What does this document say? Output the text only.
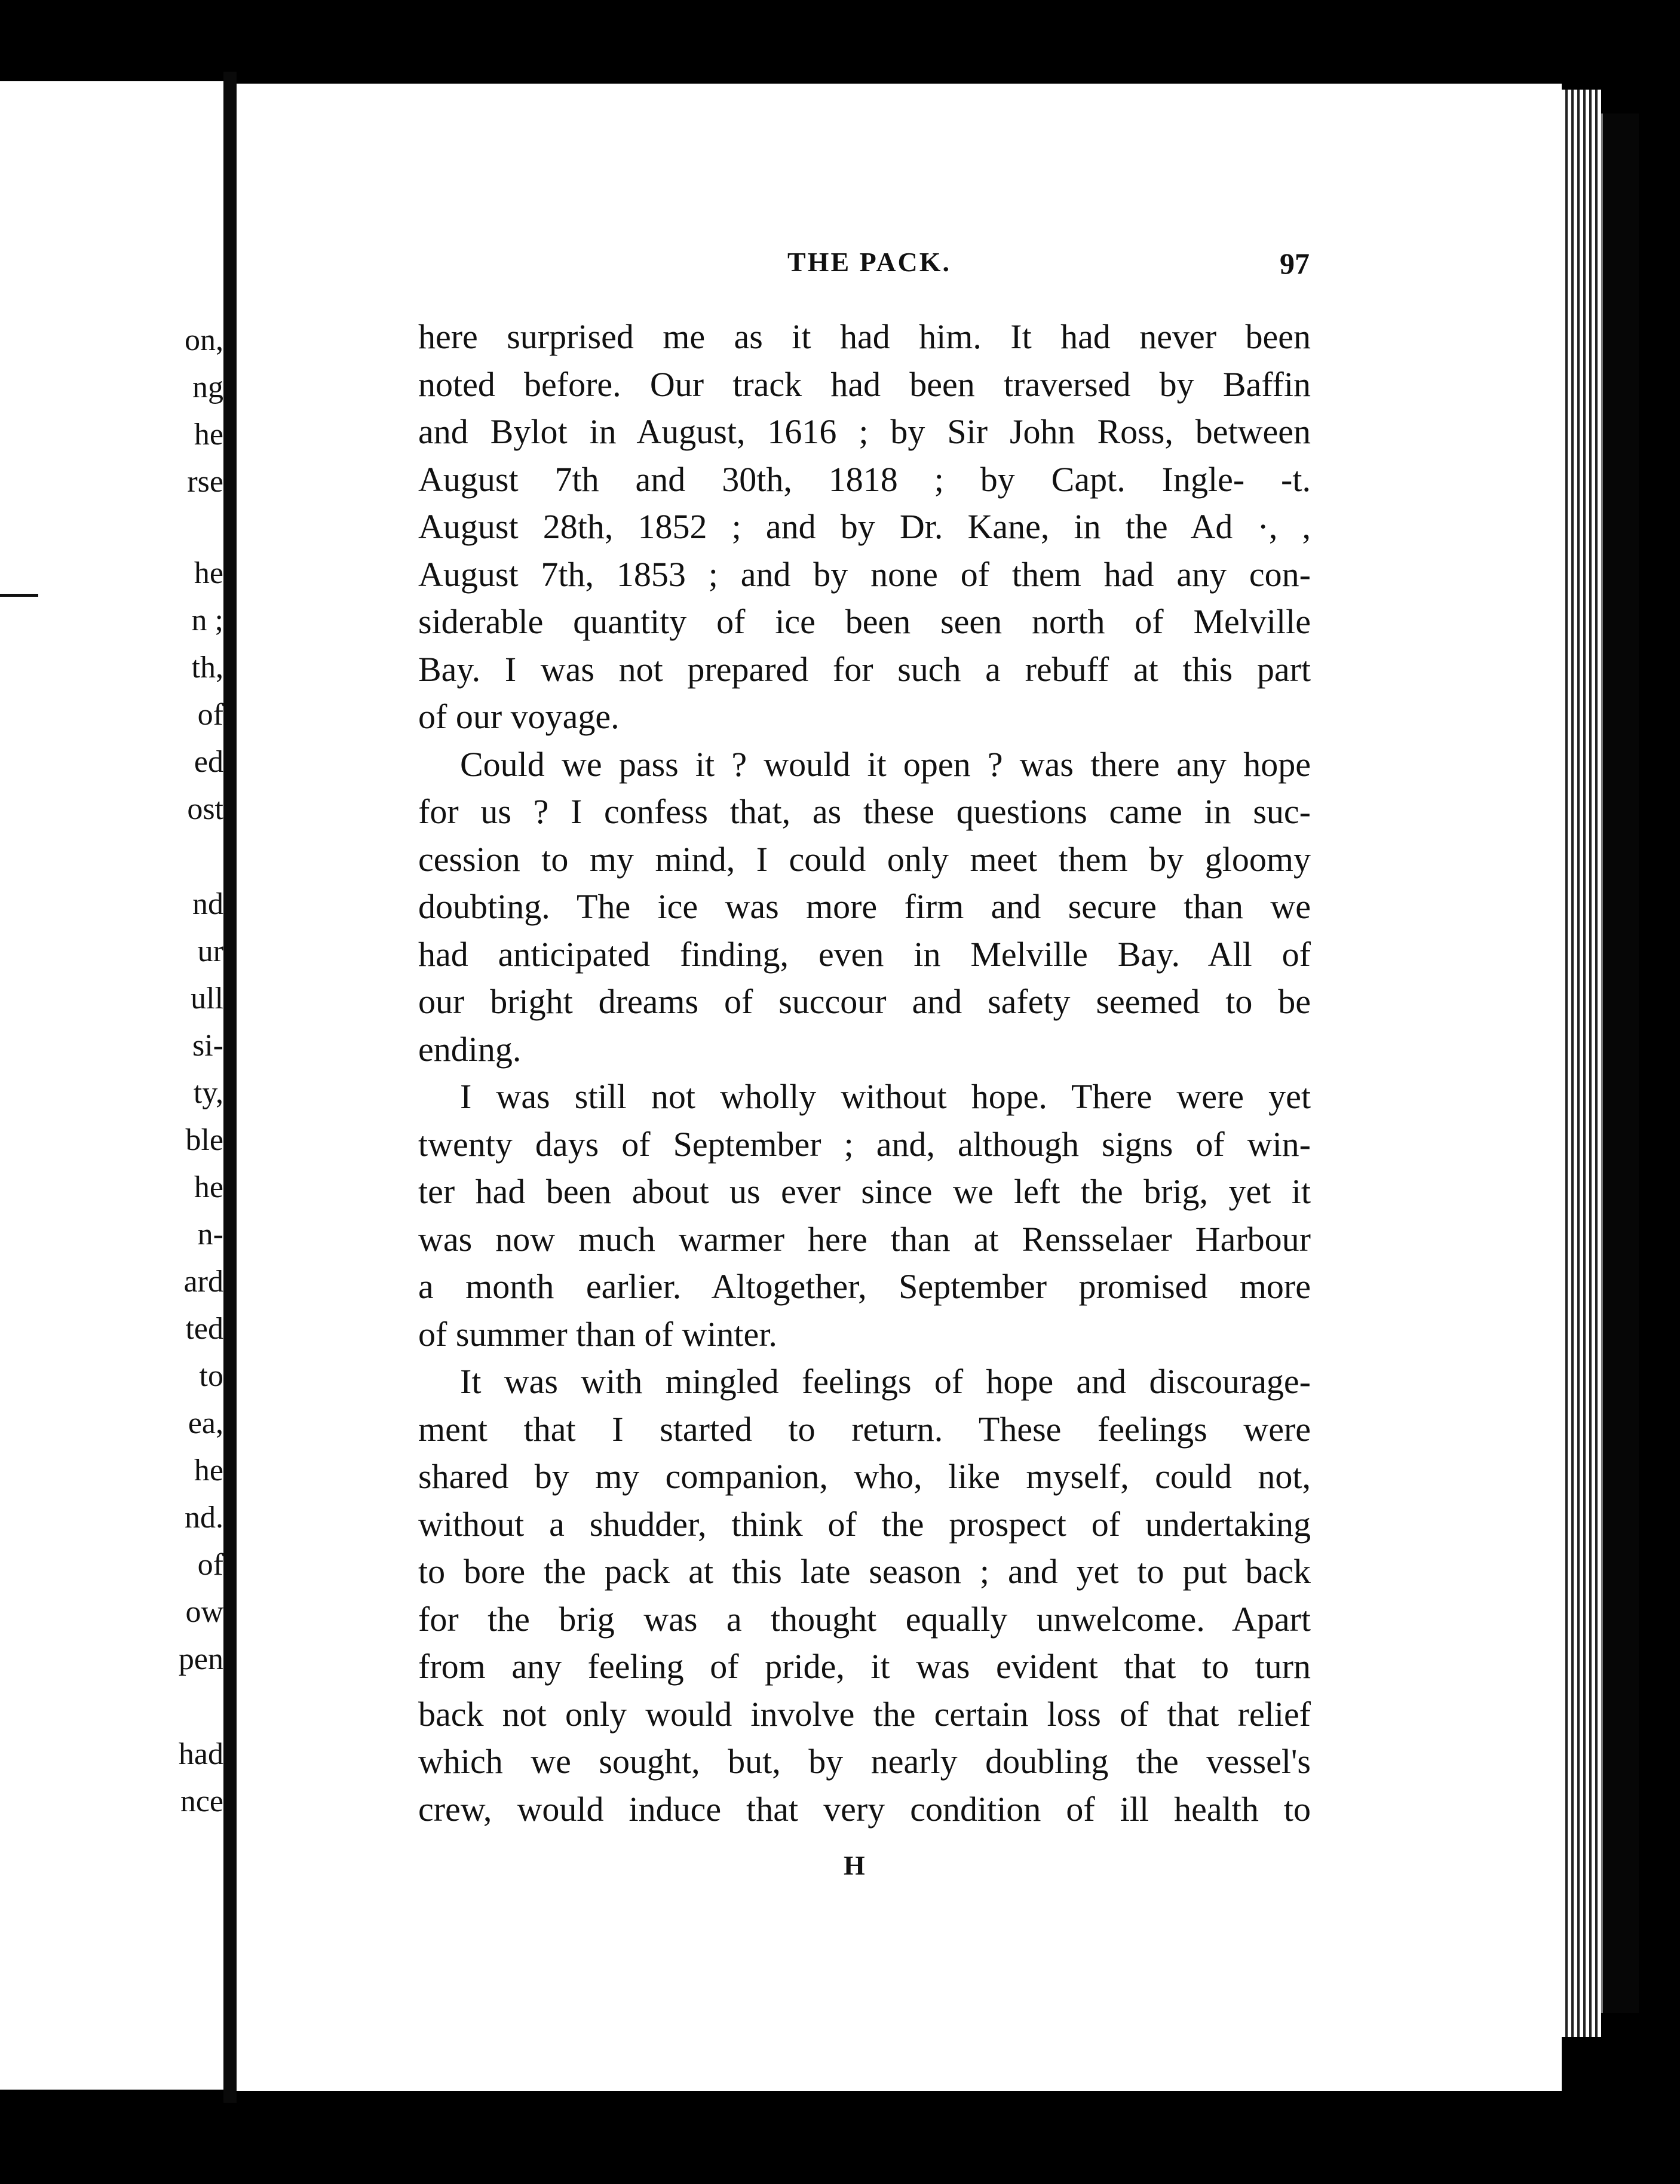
on,
ng
he
rse
he
n ;
th,
of
ed
ost
nd
ur
ull
si-
ty,
ble
he
n-
ard
ted
to
ea,
he
nd.
of
ow
pen
had
nce
THE PACK.	97
here surprised me as it had him. It had never been
noted before. Our track had been traversed by Baffin
and Bylot in August, 1616 ; by Sir John Ross, between
August 7th and 30th, 1818 ; by Capt. Ingle- -t.
August 28th, 1852 ; and by Dr. Kane, in the Ad ·, ,
August 7th, 1853 ; and by none of them had any con-
siderable quantity of ice been seen north of Melville
Bay. I was not prepared for such a rebuff at this part
of our voyage.
Could we pass it ? would it open ? was there any hope
for us ? I confess that, as these questions came in suc-
cession to my mind, I could only meet them by gloomy
doubting. The ice was more firm and secure than we
had anticipated finding, even in Melville Bay. All of
our bright dreams of succour and safety seemed to be
ending.
I was still not wholly without hope. There were yet
twenty days of September ; and, although signs of win-
ter had been about us ever since we left the brig, yet it
was now much warmer here than at Rensselaer Harbour
a month earlier. Altogether, September promised more
of summer than of winter.
It was with mingled feelings of hope and discourage-
ment that I started to return. These feelings were
shared by my companion, who, like myself, could not,
without a shudder, think of the prospect of undertaking
to bore the pack at this late season ; and yet to put back
for the brig was a thought equally unwelcome. Apart
from any feeling of pride, it was evident that to turn
back not only would involve the certain loss of that relief
which we sought, but, by nearly doubling the vessel's
crew, would induce that very condition of ill health to
H
